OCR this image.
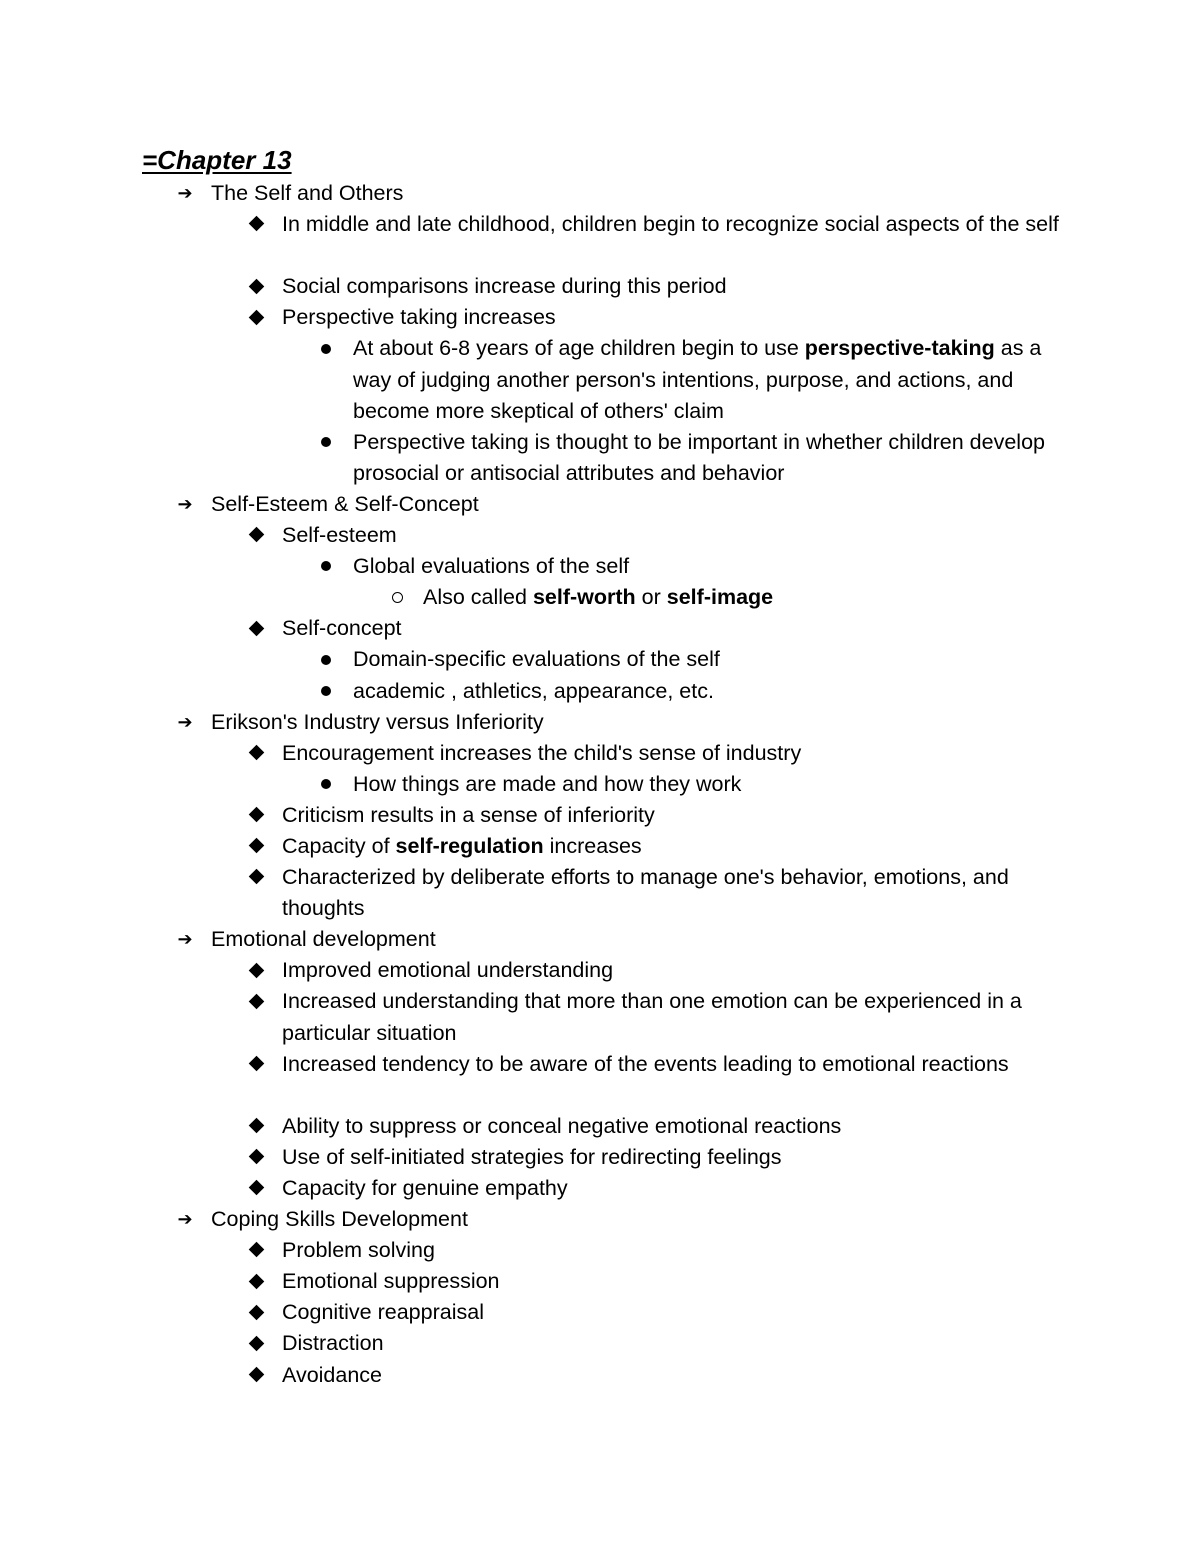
=Chapter 13
➔ The Self and Others
In middle and late childhood, children begin to recognize social aspects of the self
Social comparisons increase during this period
Perspective taking increases
At about 6-8 years of age children begin to use perspective-taking as a way of judging another person's intentions, purpose, and actions, and become more skeptical of others' claim
Perspective taking is thought to be important in whether children develop prosocial or antisocial attributes and behavior
➔ Self-Esteem & Self-Concept
Self-esteem
Global evaluations of the self
Also called self-worth or self-image
Self-concept
Domain-specific evaluations of the self
academic , athletics, appearance, etc.
➔ Erikson's Industry versus Inferiority
Encouragement increases the child's sense of industry
How things are made and how they work
Criticism results in a sense of inferiority
Capacity of self-regulation increases
Characterized by deliberate efforts to manage one's behavior, emotions, and thoughts
➔ Emotional development
Improved emotional understanding
Increased understanding that more than one emotion can be experienced in a particular situation
Increased tendency to be aware of the events leading to emotional reactions
Ability to suppress or conceal negative emotional reactions
Use of self-initiated strategies for redirecting feelings
Capacity for genuine empathy
➔ Coping Skills Development
Problem solving
Emotional suppression
Cognitive reappraisal
Distraction
Avoidance
